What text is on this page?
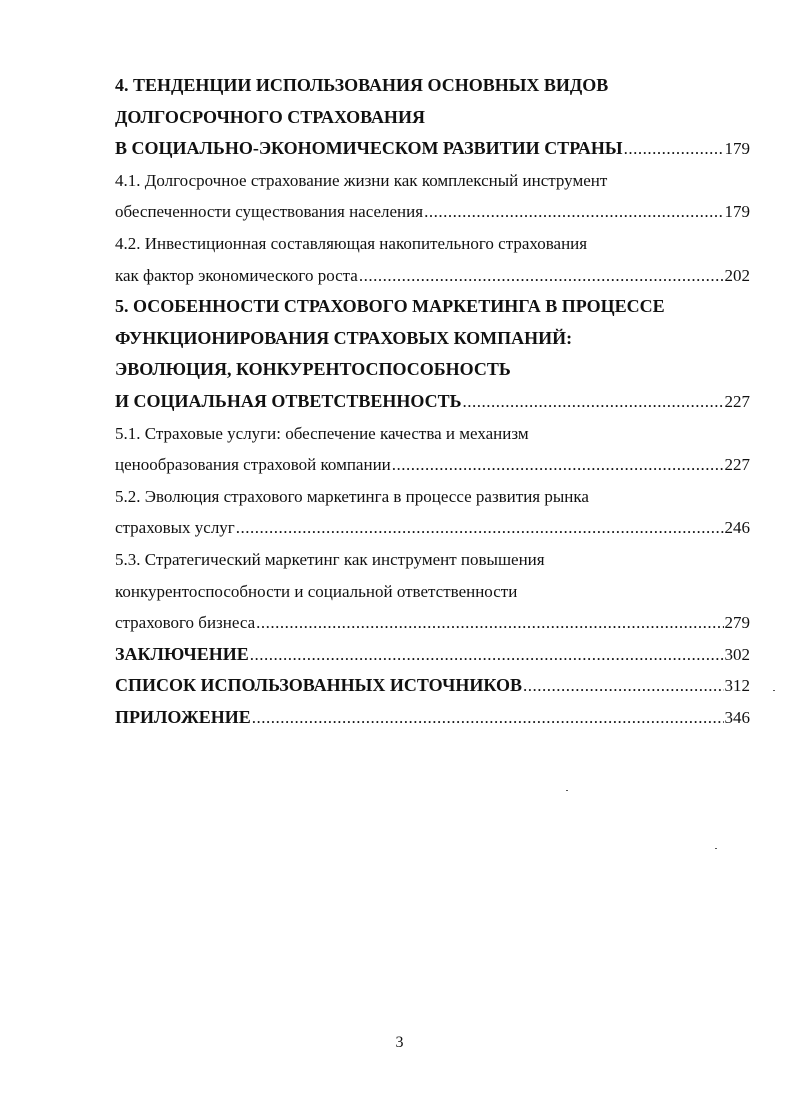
4. ТЕНДЕНЦИИ ИСПОЛЬЗОВАНИЯ ОСНОВНЫХ ВИДОВ
ДОЛГОСРОЧНОГО СТРАХОВАНИЯ
В СОЦИАЛЬНО-ЭКОНОМИЧЕСКОМ РАЗВИТИИ СТРАНЫ .....	179
4.1. Долгосрочное страхование жизни как комплексный инструмент
обеспеченности существования населения .....	179
4.2. Инвестиционная составляющая накопительного страхования
как фактор экономического роста .....	202
5. ОСОБЕННОСТИ СТРАХОВОГО МАРКЕТИНГА В ПРОЦЕССЕ
ФУНКЦИОНИРОВАНИЯ СТРАХОВЫХ КОМПАНИЙ:
ЭВОЛЮЦИЯ, КОНКУРЕНТОСПОСОБНОСТЬ
И СОЦИАЛЬНАЯ ОТВЕТСТВЕННОСТЬ .....	227
5.1. Страховые услуги: обеспечение качества и механизм
ценообразования страховой компании .....	227
5.2. Эволюция страхового маркетинга в процессе развития рынка
страховых услуг .....	246
5.3. Стратегический маркетинг как инструмент повышения
конкурентоспособности и социальной ответственности
страхового бизнеса .....	279
ЗАКЛЮЧЕНИЕ .....	302
СПИСОК ИСПОЛЬЗОВАННЫХ ИСТОЧНИКОВ .....	312
ПРИЛОЖЕНИЕ .....	346
3
